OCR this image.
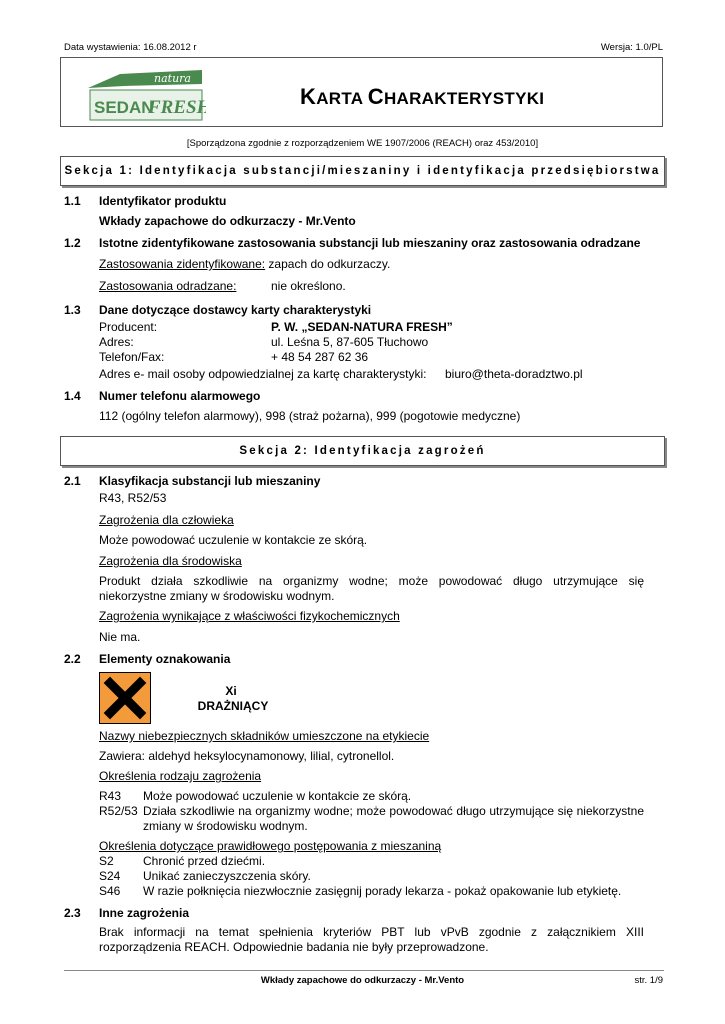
Data wystawienia: 16.08.2012 r	Wersja: 1.0/PL
natura
SEDAN
FRESH	KARTA CHARAKTERYSTYKI
[Sporządzona zgodnie z rozporządzeniem WE 1907/2006 (REACH) oraz 453/2010]
Sekcja 1: Identyfikacja substancji/mieszaniny i identyfikacja przedsiębiorstwa
1.1 Identyfikator produktu
Wkłady zapachowe do odkurzaczy - Mr.Vento
1.2 Istotne zidentyfikowane zastosowania substancji lub mieszaniny oraz zastosowania odradzane
Zastosowania zidentyfikowane: zapach do odkurzaczy.
Zastosowania odradzane:	nie określono.
1.3 Dane dotyczące dostawcy karty charakterystyki
Producent:	P. W. „SEDAN-NATURA FRESH”
Adres:	ul. Leśna 5, 87-605 Tłuchowo
Telefon/Fax:	+ 48 54 287 62 36
Adres e- mail osoby odpowiedzialnej za kartę charakterystyki: biuro@theta-doradztwo.pl
1.4 Numer telefonu alarmowego
112 (ogólny telefon alarmowy), 998 (straż pożarna), 999 (pogotowie medyczne)
Sekcja 2: Identyfikacja zagrożeń
2.1 Klasyfikacja substancji lub mieszaniny
R43, R52/53
Zagrożenia dla człowieka
Może powodować uczulenie w kontakcie ze skórą.
Zagrożenia dla środowiska
Produkt działa szkodliwie na organizmy wodne; może powodować długo utrzymujące się
niekorzystne zmiany w środowisku wodnym.
Zagrożenia wynikające z właściwości fizykochemicznych
Nie ma.
2.2 Elementy oznakowania
Xi
DRAŻNIĄCY
Nazwy niebezpiecznych składników umieszczone na etykiecie
Zawiera: aldehyd heksylocynamonowy, lilial, cytronellol.
Określenia rodzaju zagrożenia
R43 Może powodować uczulenie w kontakcie ze skórą.
R52/53 Działa szkodliwie na organizmy wodne; może powodować długo utrzymujące się niekorzystne zmiany w środowisku wodnym.
Określenia dotyczące prawidłowego postępowania z mieszaniną
S2 Chronić przed dziećmi.
S24 Unikać zanieczyszczenia skóry.
S46 W razie połknięcia niezwłocznie zasięgnij porady lekarza - pokaż opakowanie lub etykietę.
2.3 Inne zagrożenia
Brak informacji na temat spełnienia kryteriów PBT lub vPvB zgodnie z załącznikiem XIII
rozporządzenia REACH. Odpowiednie badania nie były przeprowadzone.
Wkłady zapachowe do odkurzaczy - Mr.Vento	str. 1/9
